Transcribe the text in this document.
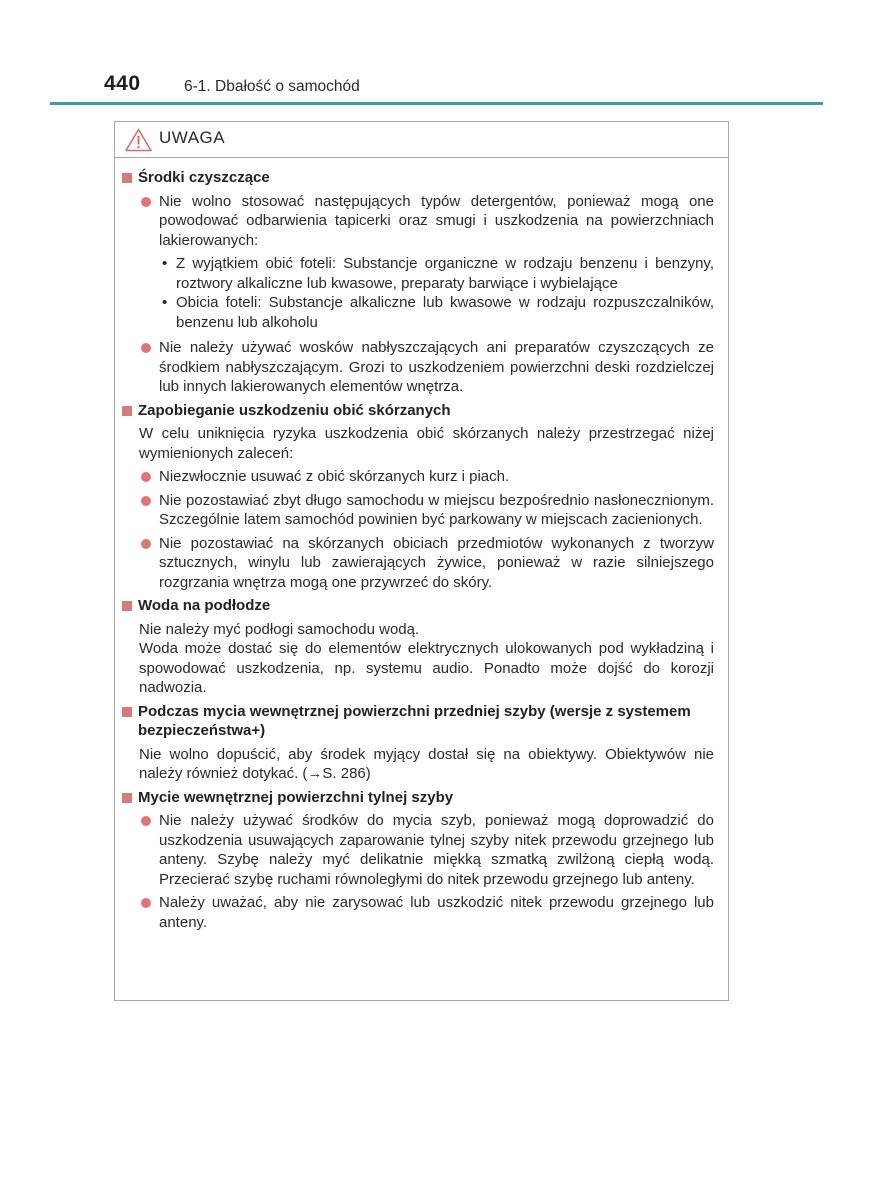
440	6-1. Dbałość o samochód
UWAGA
Środki czyszczące
Nie wolno stosować następujących typów detergentów, ponieważ mogą one powodować odbarwienia tapicerki oraz smugi i uszkodzenia na powierzchniach lakierowanych:
• Z wyjątkiem obić foteli: Substancje organiczne w rodzaju benzenu i benzyny, roztwory alkaliczne lub kwasowe, preparaty barwiące i wybielające
• Obicia foteli: Substancje alkaliczne lub kwasowe w rodzaju rozpuszczalników, benzenu lub alkoholu
Nie należy używać wosków nabłyszczających ani preparatów czyszczących ze środkiem nabłyszczającym. Grozi to uszkodzeniem powierzchni deski rozdzielczej lub innych lakierowanych elementów wnętrza.
Zapobieganie uszkodzeniu obić skórzanych
W celu uniknięcia ryzyka uszkodzenia obić skórzanych należy przestrzegać niżej wymienionych zaleceń:
Niezwłocznie usuwać z obić skórzanych kurz i piach.
Nie pozostawiać zbyt długo samochodu w miejscu bezpośrednio nasłonecznionym. Szczególnie latem samochód powinien być parkowany w miejscach zacienionych.
Nie pozostawiać na skórzanych obiciach przedmiotów wykonanych z tworzyw sztucznych, winylu lub zawierających żywice, ponieważ w razie silniejszego rozgrzania wnętrza mogą one przywrzeć do skóry.
Woda na podłodze
Nie należy myć podłogi samochodu wodą.
Woda może dostać się do elementów elektrycznych ulokowanych pod wykładziną i spowodować uszkodzenia, np. systemu audio. Ponadto może dojść do korozji nadwozia.
Podczas mycia wewnętrznej powierzchni przedniej szyby (wersje z systemem bezpieczeństwa+)
Nie wolno dopuścić, aby środek myjący dostał się na obiektywy. Obiektywów nie należy również dotykać. (→S. 286)
Mycie wewnętrznej powierzchni tylnej szyby
Nie należy używać środków do mycia szyb, ponieważ mogą doprowadzić do uszkodzenia usuwających zaparowanie tylnej szyby nitek przewodu grzejnego lub anteny. Szybę należy myć delikatnie miękką szmatką zwilżoną ciepłą wodą. Przecierać szybę ruchami równoległymi do nitek przewodu grzejnego lub anteny.
Należy uważać, aby nie zarysować lub uszkodzić nitek przewodu grzejnego lub anteny.
